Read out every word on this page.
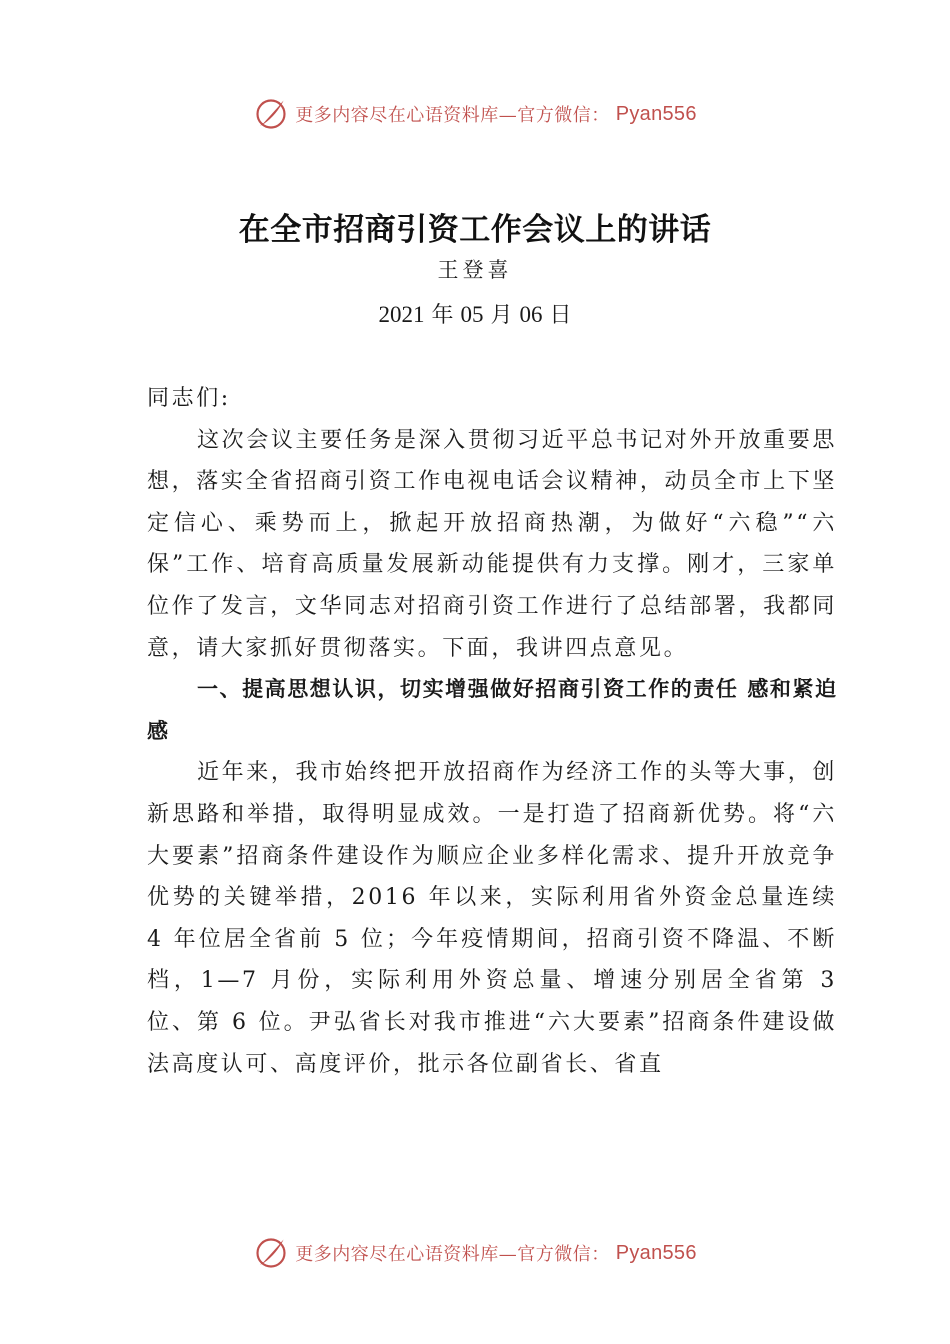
更多内容尽在心语资料库—官方微信： Pyan556
在全市招商引资工作会议上的讲话
王登喜
2021 年 05 月 06 日

同志们:

这次会议主要任务是深入贯彻习近平总书记对外开放重要思想，落实全省招商引资工作电视电话会议精神，动员全市上下坚定信心、乘势而上，掀起开放招商热潮，为做好“六稳”“六保”工作、培育高质量发展新动能提供有力支撑。刚才，三家单位作了发言，文华同志对招商引资工作进行了总结部署，我都同意，请大家抓好贯彻落实。下面，我讲四点意见。

一、提高思想认识，切实增强做好招商引资工作的责任 感和紧迫感

近年来，我市始终把开放招商作为经济工作的头等大事，创新思路和举措，取得明显成效。一是打造了招商新优势。将“六大要素”招商条件建设作为顺应企业多样化需求、提升开放竞争优势的关键举措，2016 年以来，实际利用省外资金总量连续 4 年位居全省前 5 位；今年疫情期间，招商引资不降温、不断档，1—7 月份，实际利用外资总量、增速分别居全省第 3 位、第 6 位。尹弘省长对我市推进“六大要素”招商条件建设做法高度认可、高度评价，批示各位副省长、省直

更多内容尽在心语资料库—官方微信： Pyan556
